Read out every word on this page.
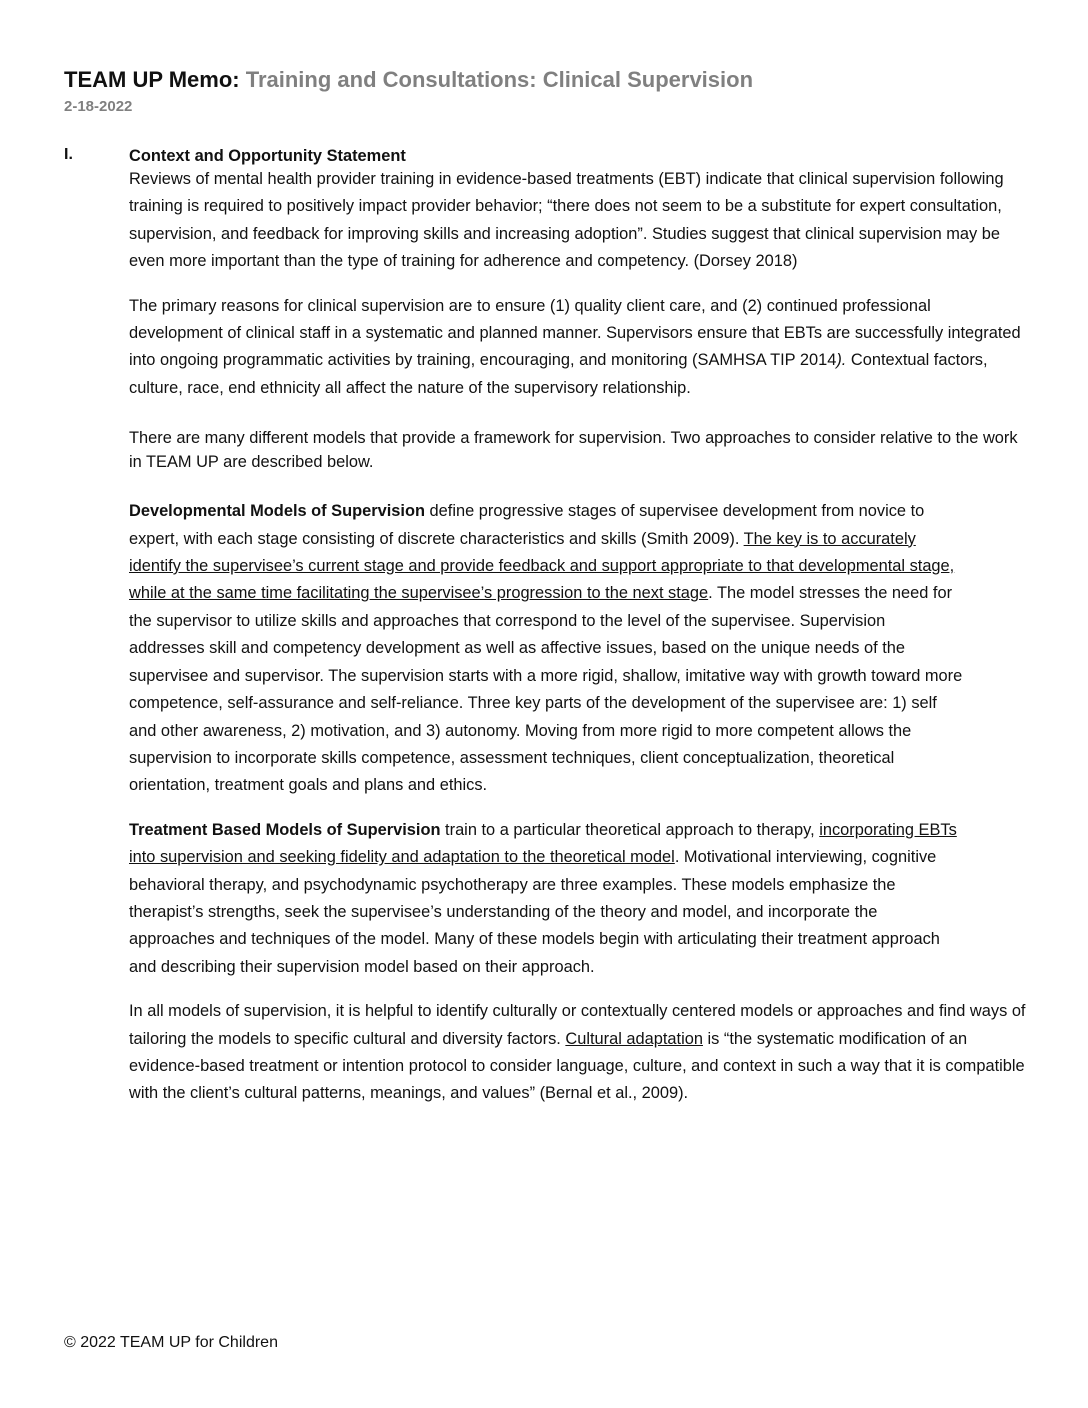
TEAM UP Memo: Training and Consultations: Clinical Supervision
2-18-2022
I.	Context and Opportunity Statement

Reviews of mental health provider training in evidence-based treatments (EBT) indicate that clinical supervision following training is required to positively impact provider behavior; “there does not seem to be a substitute for expert consultation, supervision, and feedback for improving skills and increasing adoption”. Studies suggest that clinical supervision may be even more important than the type of training for adherence and competency. (Dorsey 2018)

The primary reasons for clinical supervision are to ensure (1) quality client care, and (2) continued professional development of clinical staff in a systematic and planned manner. Supervisors ensure that EBTs are successfully integrated into ongoing programmatic activities by training, encouraging, and monitoring (SAMHSA TIP 2014). Contextual factors, culture, race, end ethnicity all affect the nature of the supervisory relationship.

There are many different models that provide a framework for supervision. Two approaches to consider relative to the work in TEAM UP are described below.

Developmental Models of Supervision define progressive stages of supervisee development from novice to expert, with each stage consisting of discrete characteristics and skills (Smith 2009). The key is to accurately identify the supervisee’s current stage and provide feedback and support appropriate to that developmental stage, while at the same time facilitating the supervisee’s progression to the next stage. The model stresses the need for the supervisor to utilize skills and approaches that correspond to the level of the supervisee. Supervision addresses skill and competency development as well as affective issues, based on the unique needs of the supervisee and supervisor. The supervision starts with a more rigid, shallow, imitative way with growth toward more competence, self-assurance and self-reliance. Three key parts of the development of the supervisee are: 1) self and other awareness, 2) motivation, and 3) autonomy. Moving from more rigid to more competent allows the supervision to incorporate skills competence, assessment techniques, client conceptualization, theoretical orientation, treatment goals and plans and ethics.

Treatment Based Models of Supervision train to a particular theoretical approach to therapy, incorporating EBTs into supervision and seeking fidelity and adaptation to the theoretical model. Motivational interviewing, cognitive behavioral therapy, and psychodynamic psychotherapy are three examples. These models emphasize the therapist’s strengths, seek the supervisee’s understanding of the theory and model, and incorporate the approaches and techniques of the model. Many of these models begin with articulating their treatment approach and describing their supervision model based on their approach.

In all models of supervision, it is helpful to identify culturally or contextually centered models or approaches and find ways of tailoring the models to specific cultural and diversity factors. Cultural adaptation is “the systematic modification of an evidence-based treatment or intention protocol to consider language, culture, and context in such a way that it is compatible with the client’s cultural patterns, meanings, and values” (Bernal et al., 2009).

© 2022 TEAM UP for Children
